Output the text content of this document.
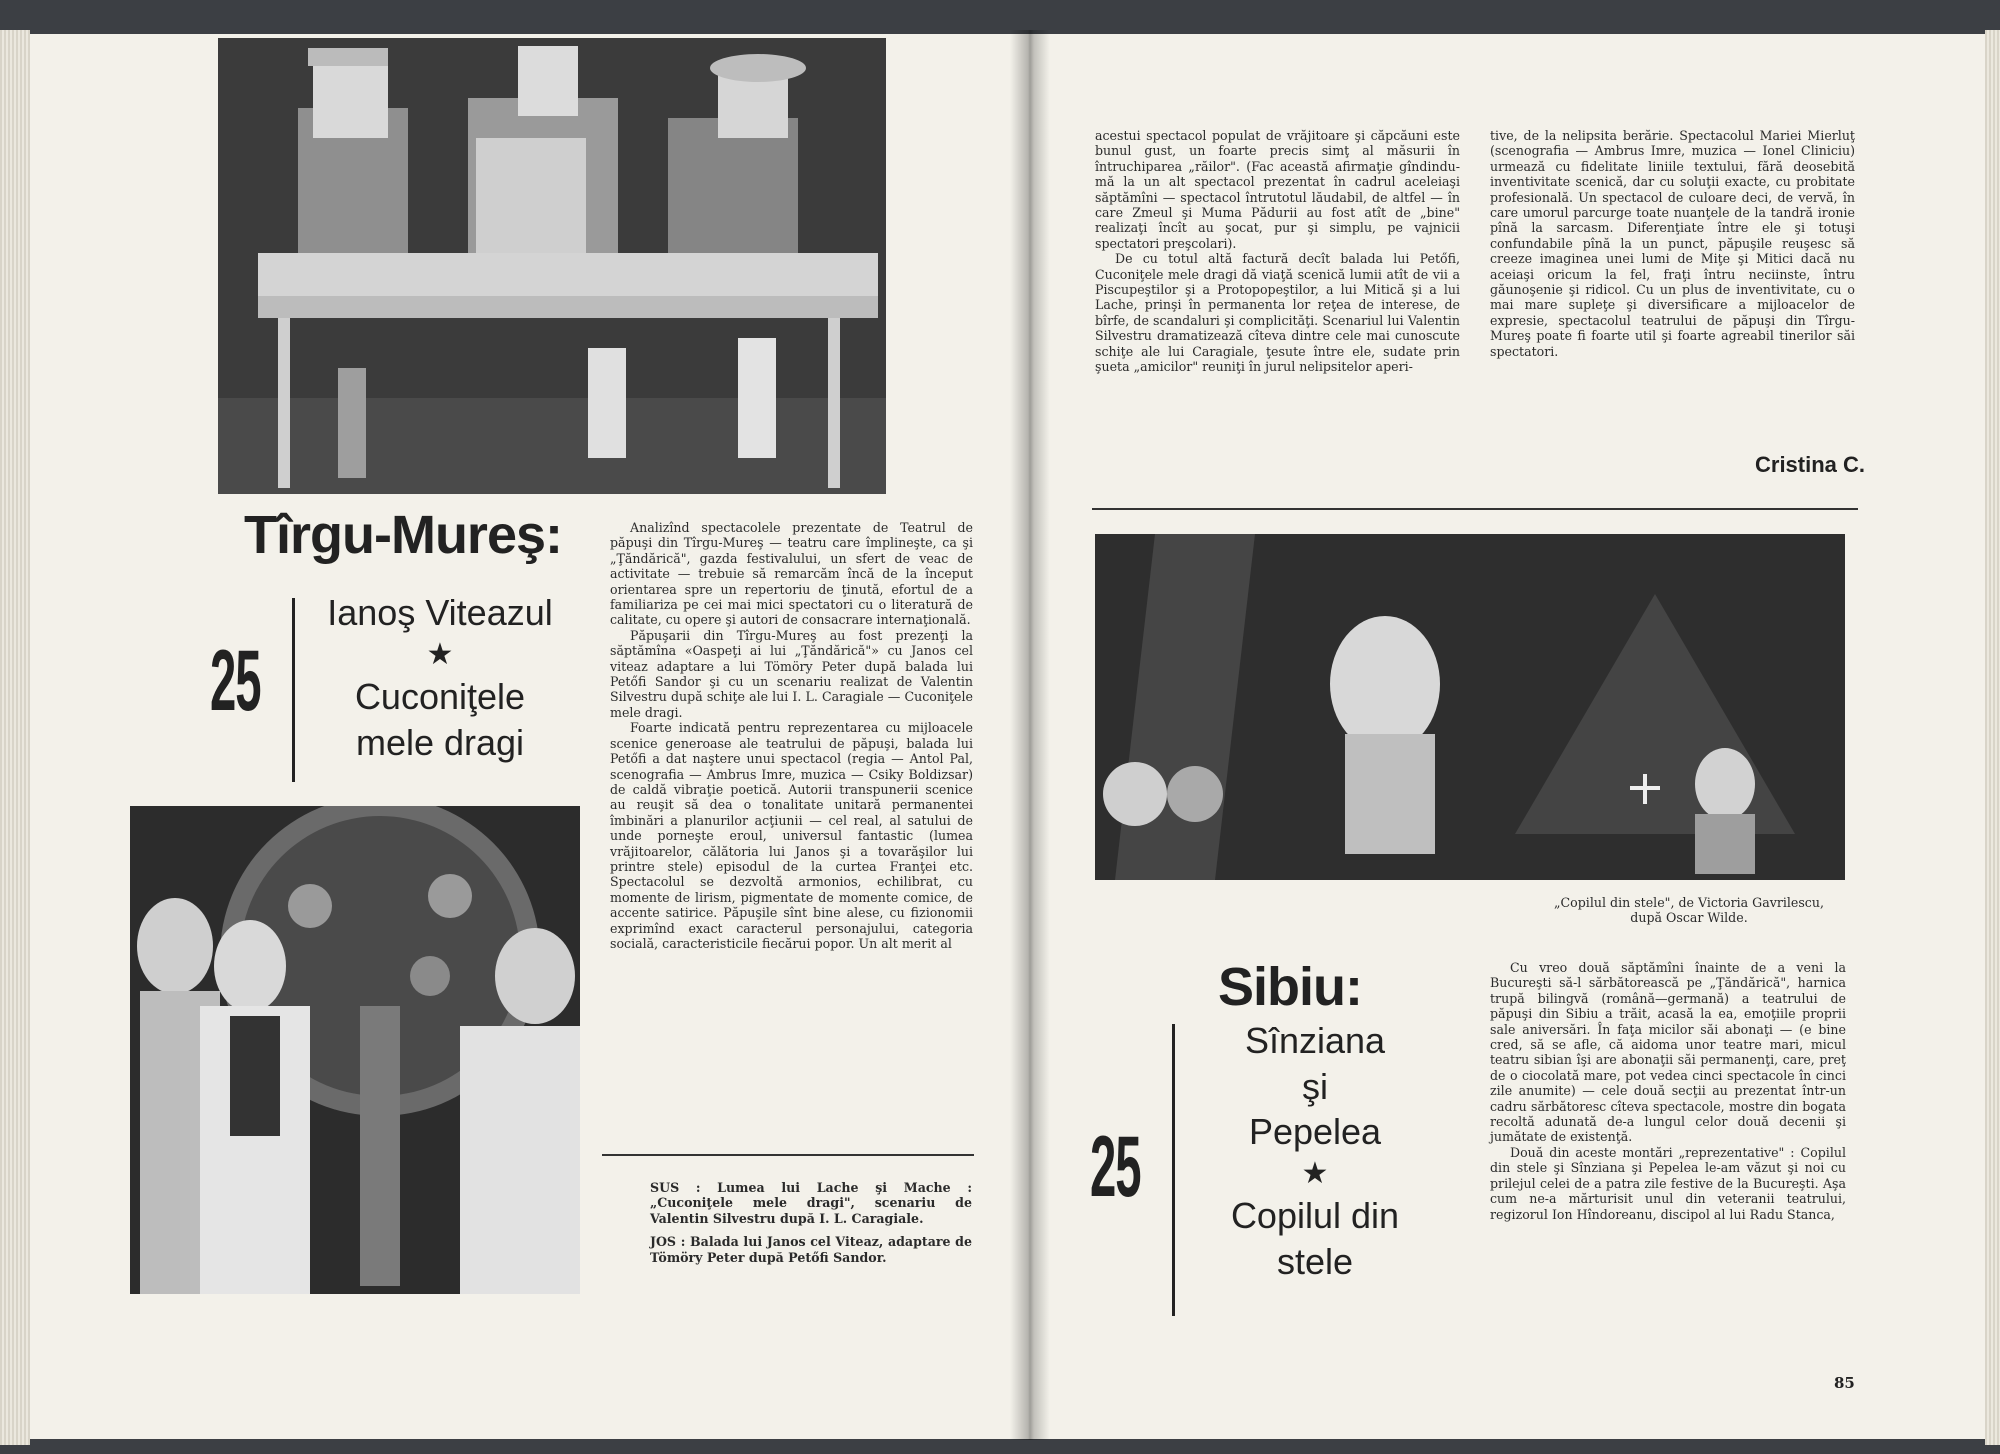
Tîrgu-Mureş:
25
Ianoş Viteazul
★
Cuconiţele mele dragi

Analizînd spectacolele prezentate de Teatrul de păpuşi din Tîrgu-Mureş — teatru care împlineşte, ca şi „Ţăndărică", gazda festivalului, un sfert de veac de activitate — trebuie să remarcăm încă de la început orientarea spre un repertoriu de ţinută, efortul de a familiariza pe cei mai mici spectatori cu o literatură de calitate, cu opere şi autori de consacrare internaţională.

Păpuşarii din Tîrgu-Mureş au fost prezenţi la săptămîna «Oaspeţi ai lui „Ţăndărică"» cu Janos cel viteaz adaptare a lui Tömöry Peter după balada lui Petőfi Sandor şi cu un scenariu realizat de Valentin Silvestru după schiţe ale lui I. L. Caragiale — Cuconiţele mele dragi.

Foarte indicată pentru reprezentarea cu mijloacele scenice generoase ale teatrului de păpuşi, balada lui Petőfi a dat naştere unui spectacol (regia — Antol Pal, scenografia — Ambrus Imre, muzica — Csiky Boldizsar) de caldă vibraţie poetică. Autorii transpunerii scenice au reuşit să dea o tonalitate unitară permanentei îmbinări a planurilor acţiunii — cel real, al satului de unde porneşte eroul, universul fantastic (lumea vrăjitoarelor, călătoria lui Janos şi a tovarăşilor lui printre stele) episodul de la curtea Franţei etc. Spectacolul se dezvoltă armonios, echilibrat, cu momente de lirism, pigmentate de momente comice, de accente satirice. Păpuşile sînt bine alese, cu fizionomii exprimînd exact caracterul personajului, categoria socială, caracteristicile fiecărui popor. Un alt merit al

SUS : Lumea lui Lache şi Mache : „Cuconiţele mele dragi", scenariu de Valentin Silvestru după I. L. Caragiale.

JOS : Balada lui Janos cel Viteaz, adaptare de Tömöry Peter după Petőfi Sandor.

acestui spectacol populat de vrăjitoare şi căpcăuni este bunul gust, un foarte precis simţ al măsurii în întruchiparea „răilor". (Fac această afirmaţie gîndindu-mă la un alt spectacol prezentat în cadrul aceleiaşi săptămîni — spectacol întrutotul lăudabil, de altfel — în care Zmeul şi Muma Pădurii au fost atît de „bine" realizaţi încît au şocat, pur şi simplu, pe vajnicii spectatori preşcolari).

De cu totul altă factură decît balada lui Petőfi, Cuconiţele mele dragi dă viaţă scenică lumii atît de vii a Piscupeştilor şi a Protopopeştilor, a lui Mitică şi a lui Lache, prinşi în permanenta lor reţea de interese, de bîrfe, de scandaluri şi complicităţi. Scenariul lui Valentin Silvestru dramatizează cîteva dintre cele mai cunoscute schiţe ale lui Caragiale, ţesute între ele, sudate prin şueta „amicilor" reuniţi în jurul nelipsitelor aperi-

tive, de la nelipsita berărie. Spectacolul Mariei Mierluţ (scenografia — Ambrus Imre, muzica — Ionel Cliniciu) urmează cu fidelitate liniile textului, fără deosebită inventivitate scenică, dar cu soluţii exacte, cu probitate profesională. Un spectacol de culoare deci, de vervă, în care umorul parcurge toate nuanţele de la tandră ironie pînă la sarcasm. Diferenţiate între ele şi totuşi confundabile pînă la un punct, păpuşile reuşesc să creeze imaginea unei lumi de Miţe şi Mitici dacă nu aceiaşi oricum la fel, fraţi întru neciinste, întru găunoşenie şi ridicol. Cu un plus de inventivitate, cu o mai mare supleţe şi diversificare a mijloacelor de expresie, spectacolul teatrului de păpuşi din Tîrgu-Mureş poate fi foarte util şi foarte agreabil tinerilor săi spectatori.

Cristina C.
„Copilul din stele", de Victoria Gavrilescu, după Oscar Wilde.
Sibiu:
25
Sînziana şi Pepelea
★
Copilul din stele

Cu vreo două săptămîni înainte de a veni la Bucureşti să-l sărbătorească pe „Ţăndărică", harnica trupă bilingvă (română—germană) a teatrului de păpuşi din Sibiu a trăit, acasă la ea, emoţiile proprii sale aniversări. În faţa micilor săi abonaţi — (e bine cred, să se afle, că aidoma unor teatre mari, micul teatru sibian îşi are abonaţii săi permanenţi, care, preţ de o ciocolată mare, pot vedea cinci spectacole în cinci zile anumite) — cele două secţii au prezentat într-un cadru sărbătoresc cîteva spectacole, mostre din bogata recoltă adunată de-a lungul celor două decenii şi jumătate de existenţă.

Două din aceste montări „reprezentative" : Copilul din stele şi Sînziana şi Pepelea le-am văzut şi noi cu prilejul celei de a patra zile festive de la Bucureşti. Aşa cum ne-a mărturisit unul din veteranii teatrului, regizorul Ion Hîndoreanu, discipol al lui Radu Stanca,

85
